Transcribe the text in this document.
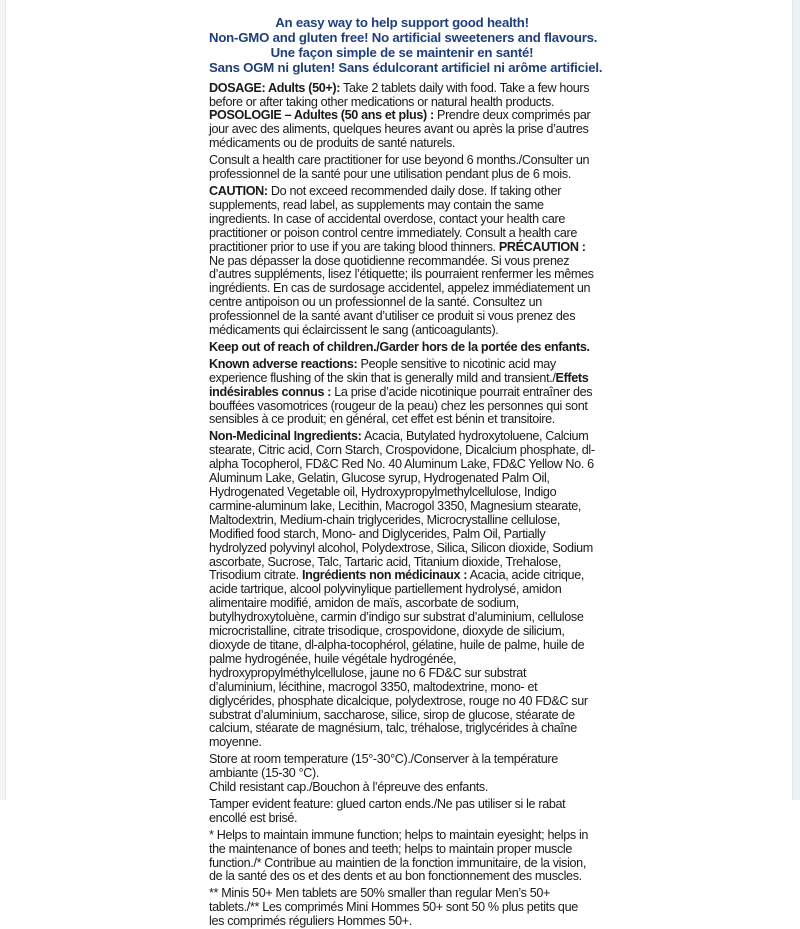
An easy way to help support good health!
Non-GMO and gluten free! No artificial sweeteners and flavours.
Une façon simple de se maintenir en santé!
Sans OGM ni gluten! Sans édulcorant artificiel ni arôme artificiel.

DOSAGE: Adults (50+): Take 2 tablets daily with food. Take a few hours before or after taking other medications or natural health products. POSOLOGIE – Adultes (50 ans et plus) : Prendre deux comprimés par jour avec des aliments, quelques heures avant ou après la prise d’autres médicaments ou de produits de santé naturels.

Consult a health care practitioner for use beyond 6 months./Consulter un professionnel de la santé pour une utilisation pendant plus de 6 mois.

CAUTION: Do not exceed recommended daily dose. If taking other supplements, read label, as supplements may contain the same ingredients. In case of accidental overdose, contact your health care practitioner or poison control centre immediately. Consult a health care practitioner prior to use if you are taking blood thinners. PRÉCAUTION : Ne pas dépasser la dose quotidienne recommandée. Si vous prenez d’autres suppléments, lisez l’étiquette; ils pourraient renfermer les mêmes ingrédients. En cas de surdosage accidentel, appelez immédiatement un centre antipoison ou un professionnel de la santé. Consultez un professionnel de la santé avant d’utiliser ce produit si vous prenez des médicaments qui éclaircissent le sang (anticoagulants).

Keep out of reach of children./Garder hors de la portée des enfants.

Known adverse reactions: People sensitive to nicotinic acid may experience flushing of the skin that is generally mild and transient./Effets indésirables connus : La prise d’acide nicotinique pourrait entraîner des bouffées vasomotrices (rougeur de la peau) chez les personnes qui sont sensibles à ce produit; en général, cet effet est bénin et transitoire.

Non-Medicinal Ingredients: Acacia, Butylated hydroxytoluene, Calcium stearate, Citric acid, Corn Starch, Crospovidone, Dicalcium phosphate, dl-alpha Tocopherol, FD&C Red No. 40 Aluminum Lake, FD&C Yellow No. 6 Aluminum Lake, Gelatin, Glucose syrup, Hydrogenated Palm Oil, Hydrogenated Vegetable oil, Hydroxypropylmethylcellulose, Indigo carmine-aluminum lake, Lecithin, Macrogol 3350, Magnesium stearate, Maltodextrin, Medium-chain triglycerides, Microcrystalline cellulose, Modified food starch, Mono- and Diglycerides, Palm Oil, Partially hydrolyzed polyvinyl alcohol, Polydextrose, Silica, Silicon dioxide, Sodium ascorbate, Sucrose, Talc, Tartaric acid, Titanium dioxide, Trehalose, Trisodium citrate. Ingrédients non médicinaux : Acacia, acide citrique, acide tartrique, alcool polyvinylique partiellement hydrolysé, amidon alimentaire modifié, amidon de maïs, ascorbate de sodium, butylhydroxytoluène, carmin d’indigo sur substrat d’aluminium, cellulose microcristalline, citrate trisodique, crospovidone, dioxyde de silicium, dioxyde de titane, dl-alpha-tocophérol, gélatine, huile de palme, huile de palme hydrogénée, huile végétale hydrogénée, hydroxypropylméthylcellulose, jaune no 6 FD&C sur substrat d’aluminium, lécithine, macrogol 3350, maltodextrine, mono- et diglycérides, phosphate dicalcique, polydextrose, rouge no 40 FD&C sur substrat d’aluminium, saccharose, silice, sirop de glucose, stéarate de calcium, stéarate de magnésium, talc, tréhalose, triglycérides à chaîne moyenne.

Store at room temperature (15°-30°C)./Conserver à la température ambiante (15-30 °C).
Child resistant cap./Bouchon à l’épreuve des enfants.

Tamper evident feature: glued carton ends./Ne pas utiliser si le rabat encollé est brisé.

* Helps to maintain immune function; helps to maintain eyesight; helps in the maintenance of bones and teeth; helps to maintain proper muscle function./* Contribue au maintien de la fonction immunitaire, de la vision, de la santé des os et des dents et au bon fonctionnement des muscles.

** Minis 50+ Men tablets are 50% smaller than regular Men’s 50+ tablets./** Les comprimés Mini Hommes 50+ sont 50 % plus petits que les comprimés réguliers Hommes 50+.
